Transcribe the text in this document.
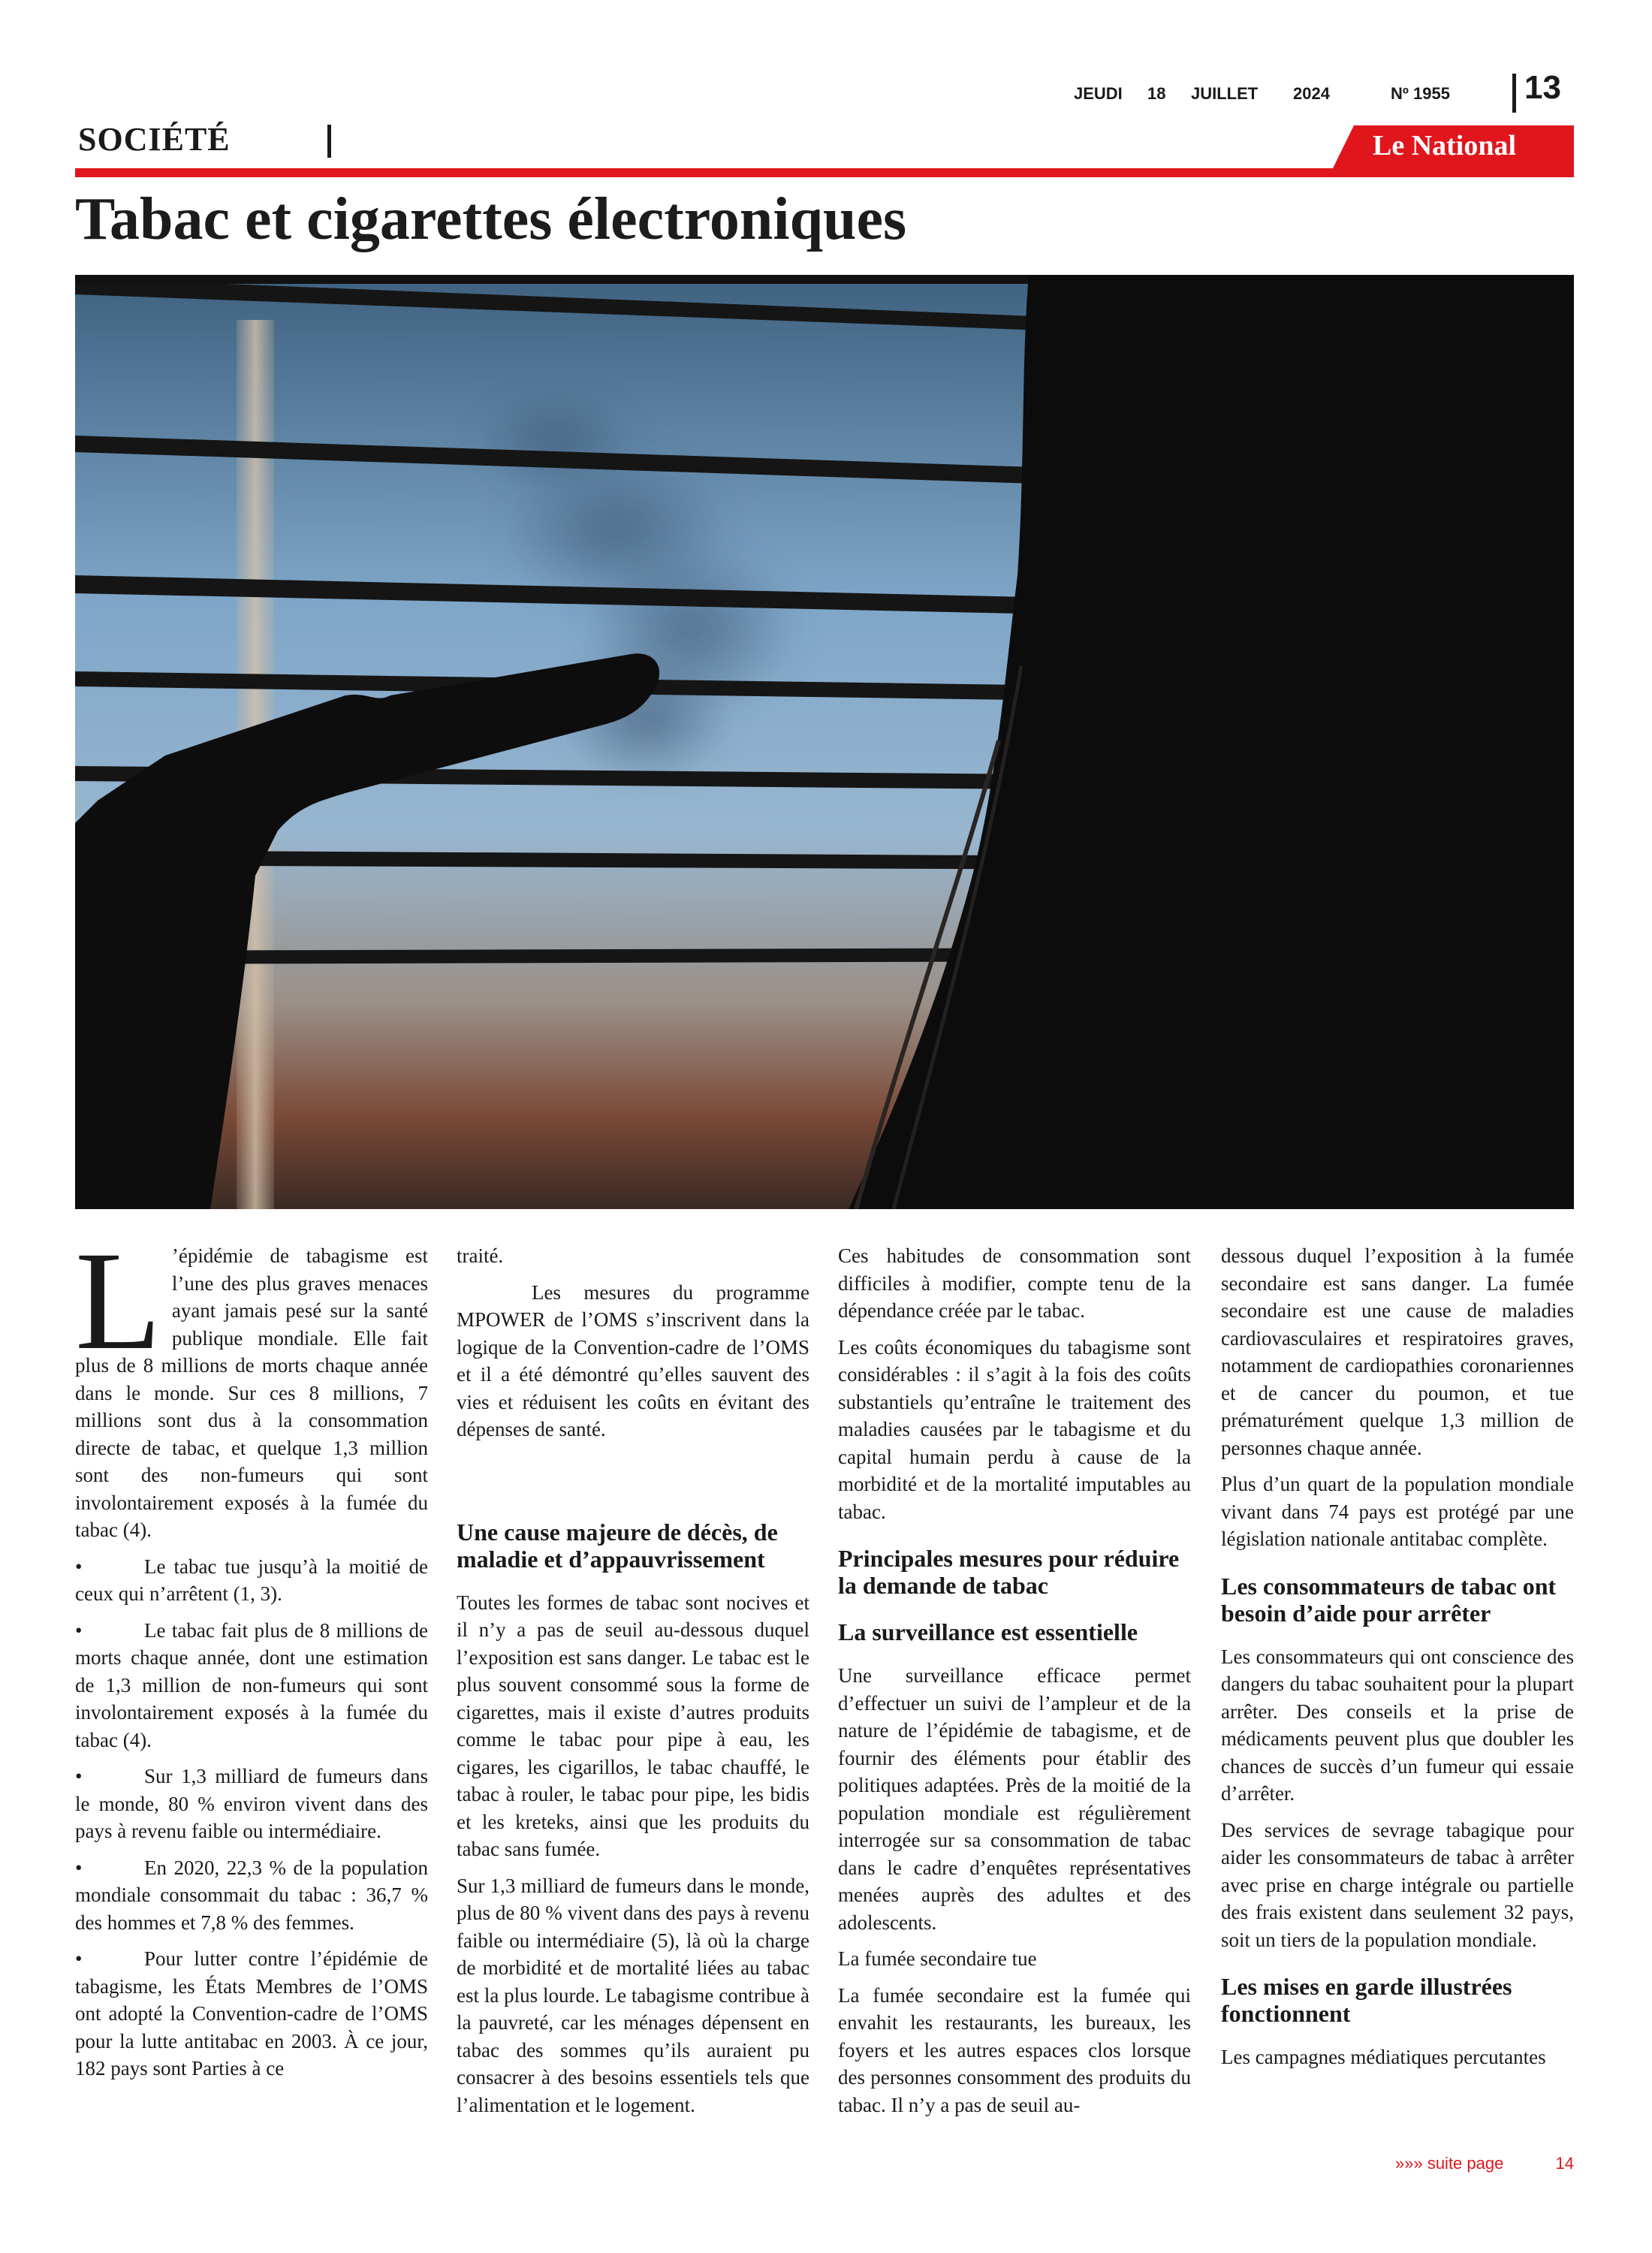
JEUDI 18 JUILLET 2024	Nº 1955 13
SOCIÉTÉ	Le National
Tabac et cigarettes électroniques

L ’épidémie de tabagisme est l’une des plus graves menaces ayant jamais pesé sur la santé publique mondiale. Elle fait plus de 8 millions de morts chaque année dans le monde. Sur ces 8 millions, 7 millions sont dus à la consommation directe de tabac, et quelque 1,3 million sont des non-fumeurs qui sont involontairement exposés à la fumée du tabac (4).

•	Le tabac tue jusqu’à la moitié de ceux qui n’arrêtent (1, 3).

•	Le tabac fait plus de 8 millions de morts chaque année, dont une estimation de 1,3 million de non-fumeurs qui sont involontairement exposés à la fumée du tabac (4).

•	Sur 1,3 milliard de fumeurs dans le monde, 80 % environ vivent dans des pays à revenu faible ou intermédiaire.

•	En 2020, 22,3 % de la population mondiale consommait du tabac : 36,7 % des hommes et 7,8 % des femmes.

•	Pour lutter contre l’épidémie de tabagisme, les États Membres de l’OMS ont adopté la Convention-cadre de l’OMS pour la lutte antitabac en 2003. À ce jour, 182 pays sont Parties à ce

traité.

Les mesures du programme MPOWER de l’OMS s’inscrivent dans la logique de la Convention-cadre de l’OMS et il a été démontré qu’elles sauvent des vies et réduisent les coûts en évitant des dépenses de santé.

Une cause majeure de décès, de maladie et d’appauvrissement

Toutes les formes de tabac sont nocives et il n’y a pas de seuil au-dessous duquel l’exposition est sans danger. Le tabac est le plus souvent consommé sous la forme de cigarettes, mais il existe d’autres produits comme le tabac pour pipe à eau, les cigares, les cigarillos, le tabac chauffé, le tabac à rouler, le tabac pour pipe, les bidis et les kreteks, ainsi que les produits du tabac sans fumée.

Sur 1,3 milliard de fumeurs dans le monde, plus de 80 % vivent dans des pays à revenu faible ou intermédiaire (5), là où la charge de morbidité et de mortalité liées au tabac est la plus lourde. Le tabagisme contribue à la pauvreté, car les ménages dépensent en tabac des sommes qu’ils auraient pu consacrer à des besoins essentiels tels que l’alimentation et le logement.

Ces habitudes de consommation sont difficiles à modifier, compte tenu de la dépendance créée par le tabac.

Les coûts économiques du tabagisme sont considérables : il s’agit à la fois des coûts substantiels qu’entraîne le traitement des maladies causées par le tabagisme et du capital humain perdu à cause de la morbidité et de la mortalité imputables au tabac.

Principales mesures pour réduire la demande de tabac
La surveillance est essentielle

Une surveillance efficace permet d’effectuer un suivi de l’ampleur et de la nature de l’épidémie de tabagisme, et de fournir des éléments pour établir des politiques adaptées. Près de la moitié de la population mondiale est régulièrement interrogée sur sa consommation de tabac dans le cadre d’enquêtes représentatives menées auprès des adultes et des adolescents.

La fumée secondaire tue

La fumée secondaire est la fumée qui envahit les restaurants, les bureaux, les foyers et les autres espaces clos lorsque des personnes consomment des produits du tabac. Il n’y a pas de seuil au-

dessous duquel l’exposition à la fumée secondaire est sans danger. La fumée secondaire est une cause de maladies cardiovasculaires et respiratoires graves, notamment de cardiopathies coronariennes et de cancer du poumon, et tue prématurément quelque 1,3 million de personnes chaque année.

Plus d’un quart de la population mondiale vivant dans 74 pays est protégé par une législation nationale antitabac complète.

Les consommateurs de tabac ont besoin d’aide pour arrêter

Les consommateurs qui ont conscience des dangers du tabac souhaitent pour la plupart arrêter. Des conseils et la prise de médicaments peuvent plus que doubler les chances de succès d’un fumeur qui essaie d’arrêter.

Des services de sevrage tabagique pour aider les consommateurs de tabac à arrêter avec prise en charge intégrale ou partielle des frais existent dans seulement 32 pays, soit un tiers de la population mondiale.

Les mises en garde illustrées fonctionnent

Les campagnes médiatiques percutantes

»»» suite page	14
